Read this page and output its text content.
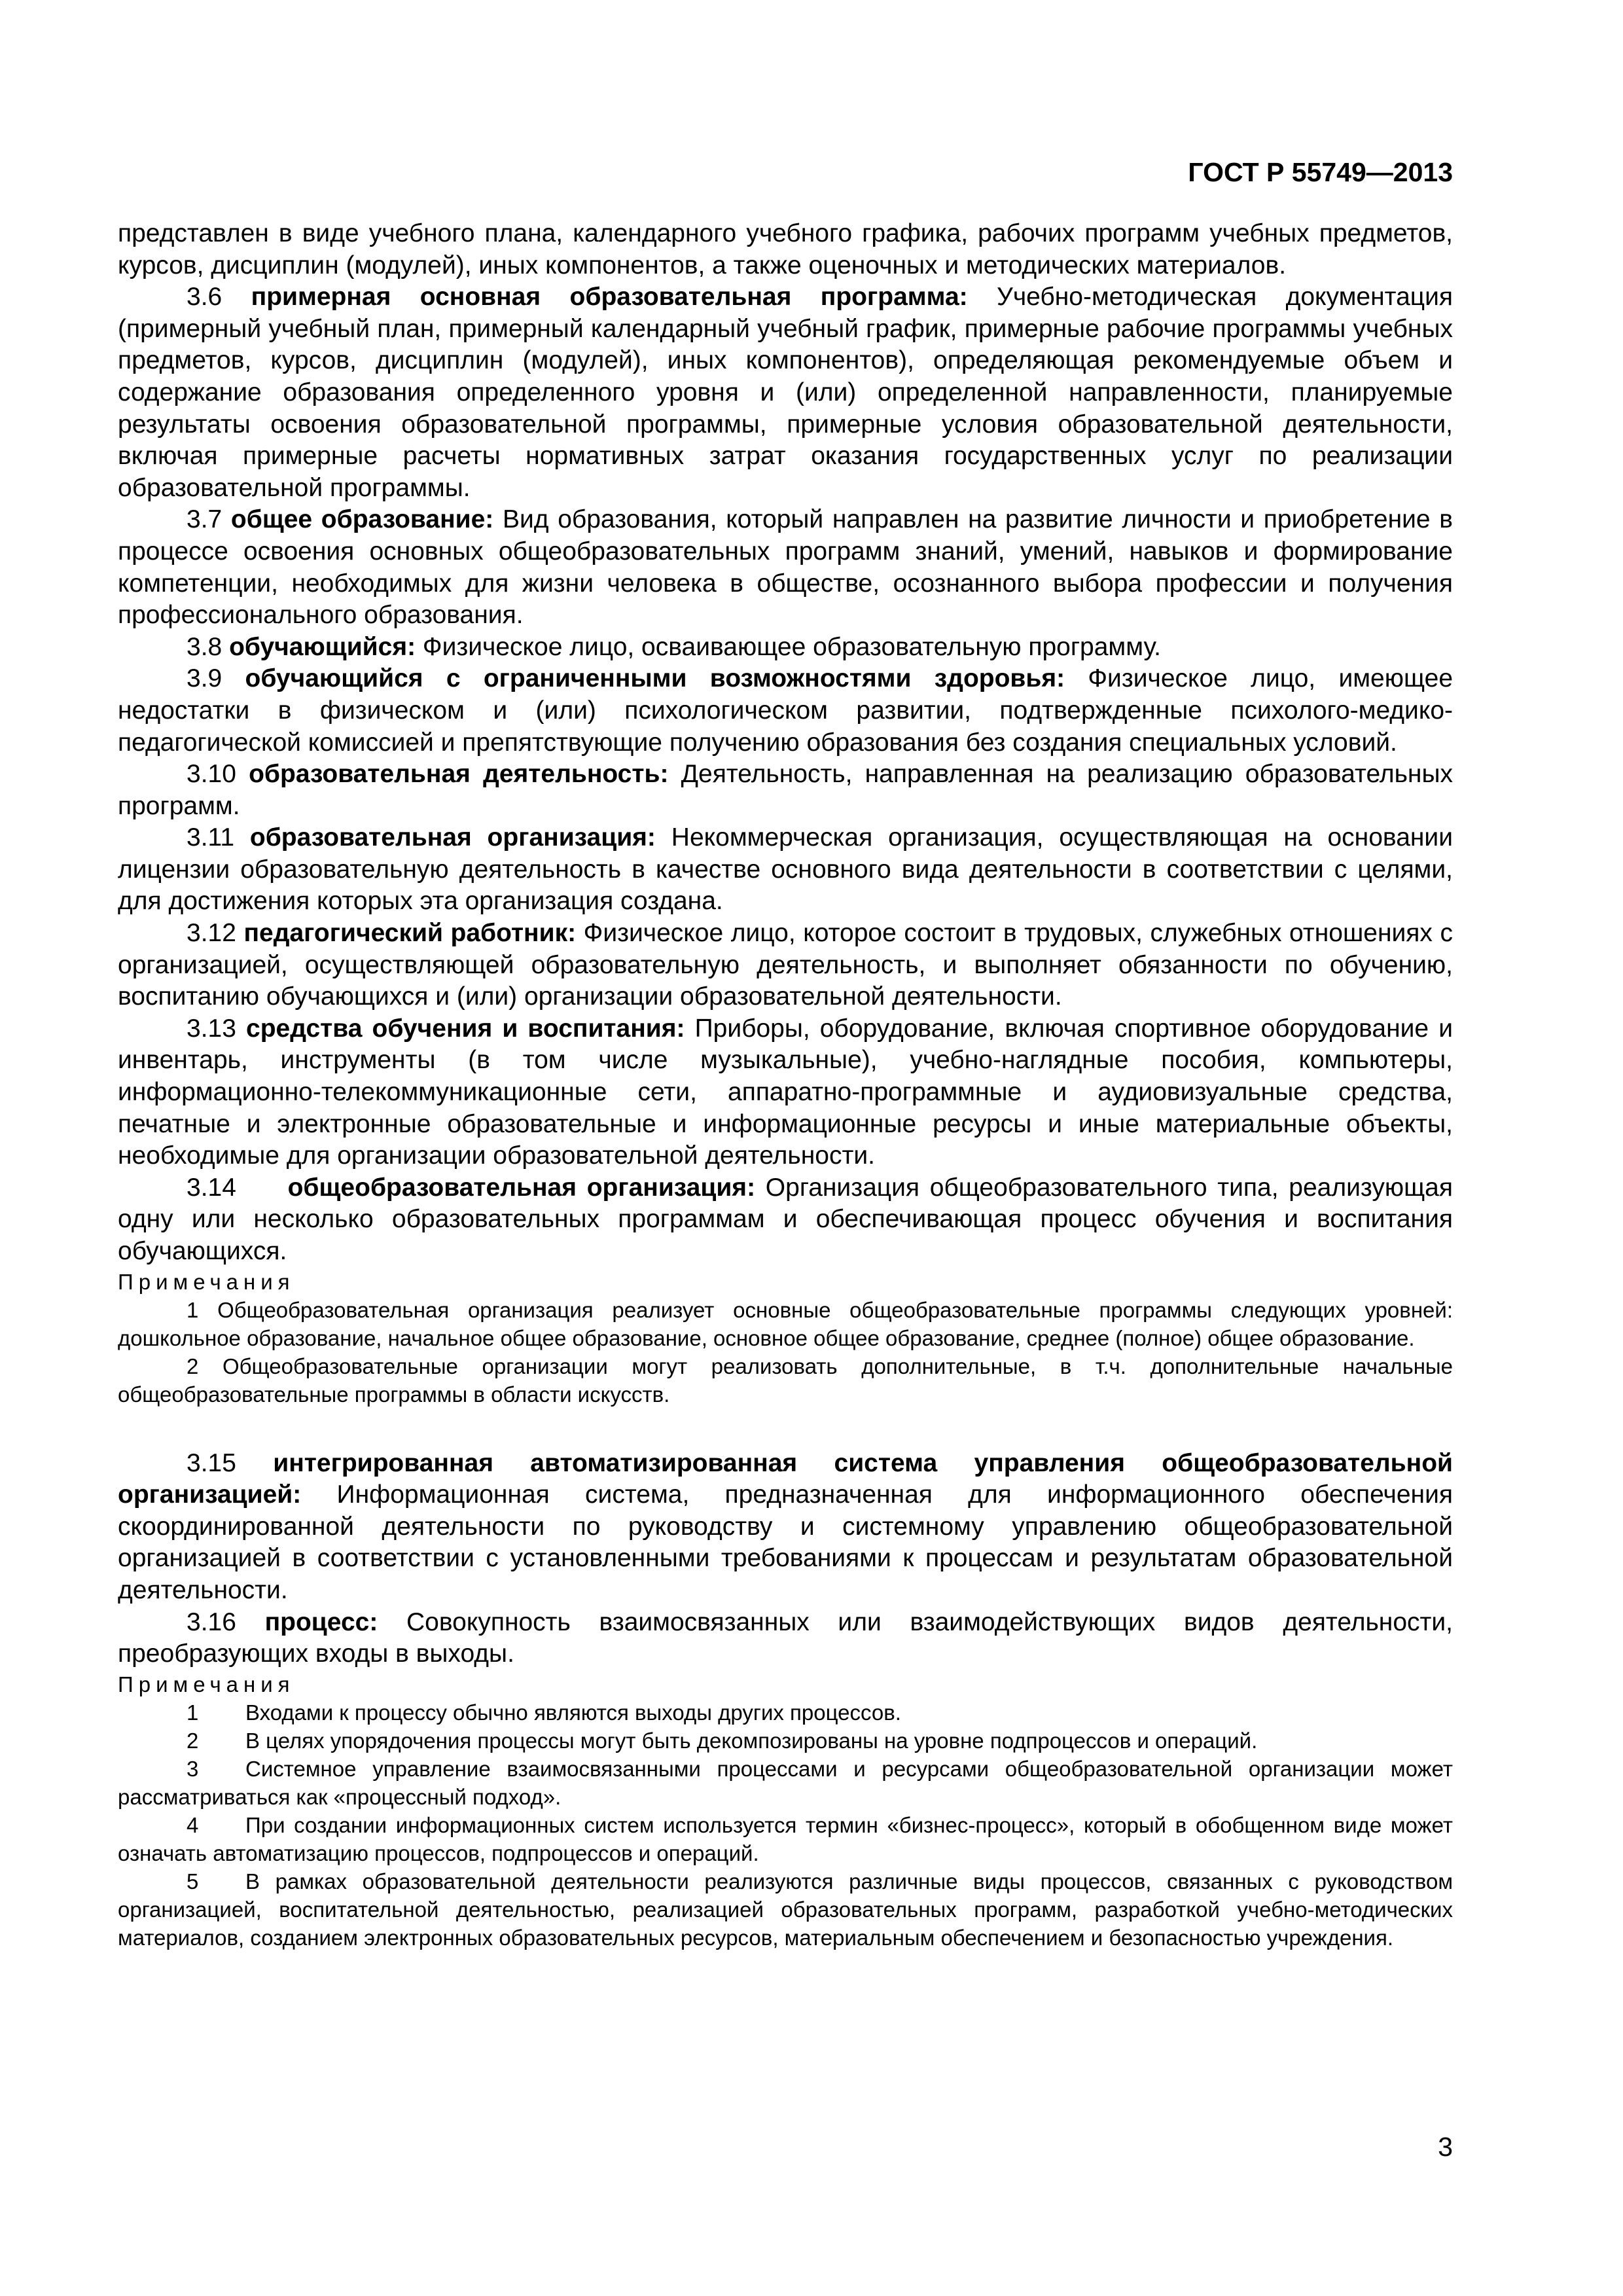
ГОСТ Р 55749—2013

представлен в виде учебного плана, календарного учебного графика, рабочих программ учебных предметов, курсов, дисциплин (модулей), иных компонентов, а также оценочных и методических материалов.

3.6 примерная основная образовательная программа: Учебно-методическая документация (примерный учебный план, примерный календарный учебный график, примерные рабочие программы учебных предметов, курсов, дисциплин (модулей), иных компонентов), определяющая рекомендуемые объем и содержание образования определенного уровня и (или) определенной направленности, планируемые результаты освоения образовательной программы, примерные условия образовательной деятельности, включая примерные расчеты нормативных затрат оказания государственных услуг по реализации образовательной программы.

3.7 общее образование: Вид образования, который направлен на развитие личности и приобретение в процессе освоения основных общеобразовательных программ знаний, умений, навыков и формирование компетенции, необходимых для жизни человека в обществе, осознанного выбора профессии и получения профессионального образования.

3.8 обучающийся: Физическое лицо, осваивающее образовательную программу.

3.9 обучающийся с ограниченными возможностями здоровья: Физическое лицо, имеющее недостатки в физическом и (или) психологическом развитии, подтвержденные психолого-медико-педагогической комиссией и препятствующие получению образования без создания специальных условий.

3.10 образовательная деятельность: Деятельность, направленная на реализацию образовательных программ.

3.11 образовательная организация: Некоммерческая организация, осуществляющая на основании лицензии образовательную деятельность в качестве основного вида деятельности в соответствии с целями, для достижения которых эта организация создана.

3.12 педагогический работник: Физическое лицо, которое состоит в трудовых, служебных отношениях с организацией, осуществляющей образовательную деятельность, и выполняет обязанности по обучению, воспитанию обучающихся и (или) организации образовательной деятельности.

3.13 средства обучения и воспитания: Приборы, оборудование, включая спортивное оборудование и инвентарь, инструменты (в том числе музыкальные), учебно-наглядные пособия, компьютеры, информационно-телекоммуникационные сети, аппаратно-программные и аудиовизуальные средства, печатные и электронные образовательные и информационные ресурсы и иные материальные объекты, необходимые для организации образовательной деятельности.

3.14 общеобразовательная организация: Организация общеобразовательного типа, реализующая одну или несколько образовательных программам и обеспечивающая процесс обучения и воспитания обучающихся.

Примечания

1 Общеобразовательная организация реализует основные общеобразовательные программы следующих уровней: дошкольное образование, начальное общее образование, основное общее образование, среднее (полное) общее образование.

2 Общеобразовательные организации могут реализовать дополнительные, в т.ч. дополнительные начальные общеобразовательные программы в области искусств.

3.15 интегрированная автоматизированная система управления общеобразовательной организацией: Информационная система, предназначенная для информационного обеспечения скоординированной деятельности по руководству и системному управлению общеобразовательной организацией в соответствии с установленными требованиями к процессам и результатам образовательной деятельности.

3.16 процесс: Совокупность взаимосвязанных или взаимодействующих видов деятельности, преобразующих входы в выходы.

Примечания

1 Входами к процессу обычно являются выходы других процессов.

2 В целях упорядочения процессы могут быть декомпозированы на уровне подпроцессов и операций.

3 Системное управление взаимосвязанными процессами и ресурсами общеобразовательной организации может рассматриваться как «процессный подход».

4 При создании информационных систем используется термин «бизнес-процесс», который в обобщенном виде может означать автоматизацию процессов, подпроцессов и операций.

5 В рамках образовательной деятельности реализуются различные виды процессов, связанных с руководством организацией, воспитательной деятельностью, реализацией образовательных программ, разработкой учебно-методических материалов, созданием электронных образовательных ресурсов, материальным обеспечением и безопасностью учреждения.

3
